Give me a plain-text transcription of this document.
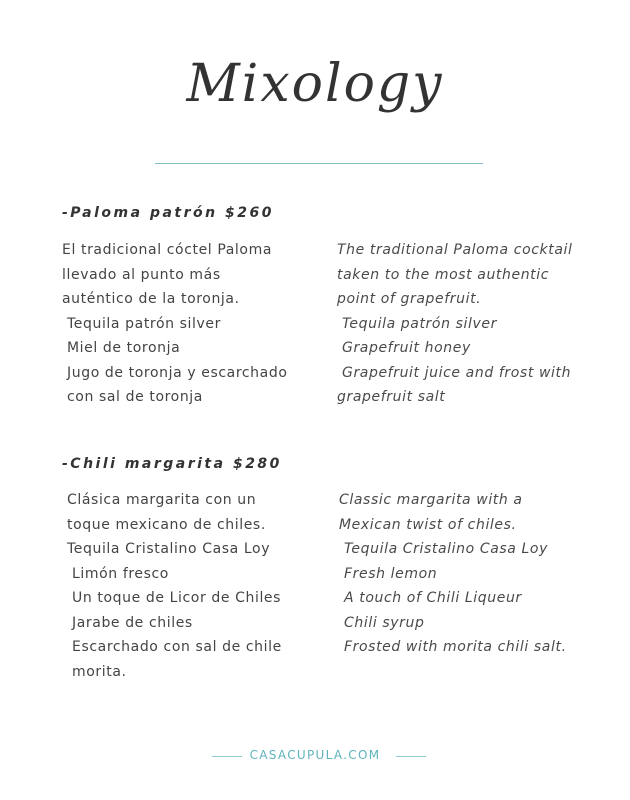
Mixology
-Paloma patrón $260
El tradicional cóctel Paloma
llevado al punto más
auténtico de la toronja.
Tequila patrón silver
Miel de toronja
Jugo de toronja y escarchado
con sal de toronja
The traditional Paloma cocktail
taken to the most authentic
point of grapefruit.
Tequila patrón silver
Grapefruit honey
Grapefruit juice and frost with
grapefruit salt
-Chili margarita $280
Clásica margarita con un
toque mexicano de chiles.
Tequila Cristalino Casa Loy
Limón fresco
Un toque de Licor de Chiles
Jarabe de chiles
Escarchado con sal de chile
morita.
Classic margarita with a
Mexican twist of chiles.
Tequila Cristalino Casa Loy
Fresh lemon
A touch of Chili Liqueur
Chili syrup
Frosted with morita chili salt.
CASACUPULA.COM
